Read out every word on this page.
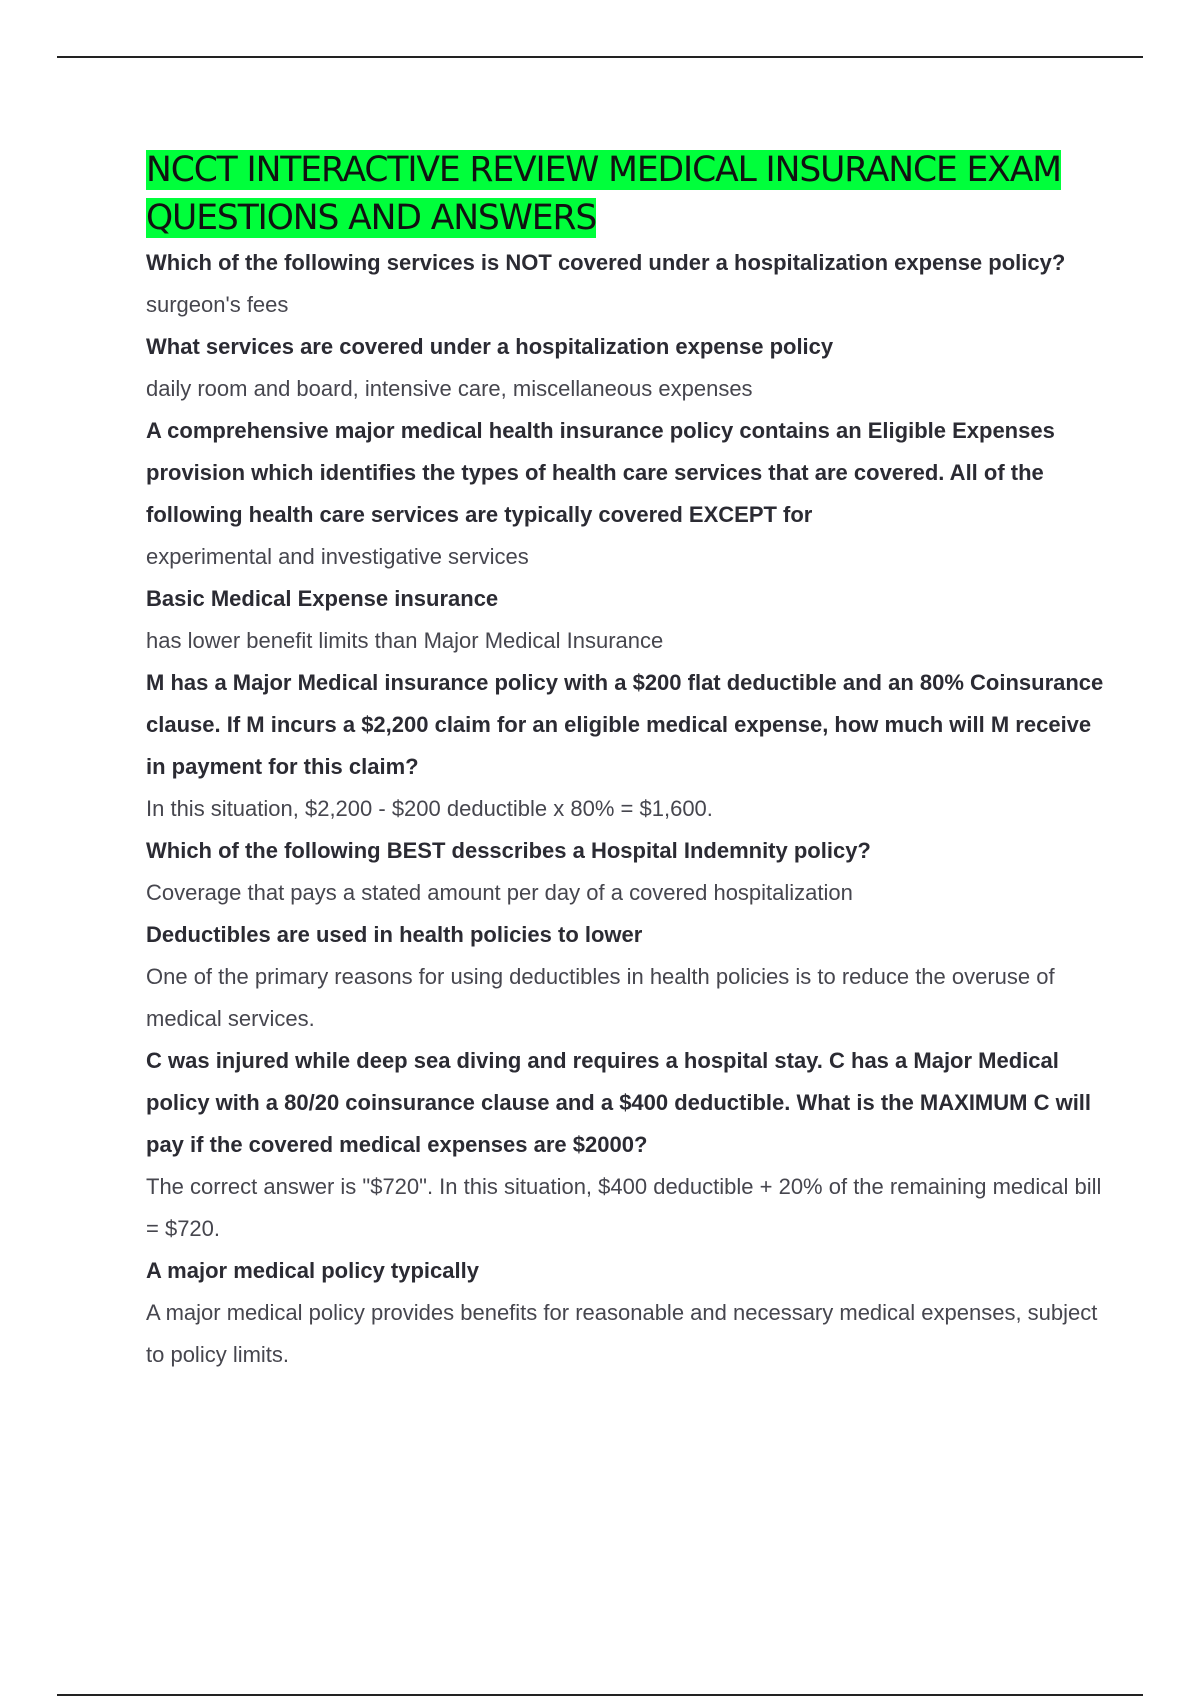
NCCT INTERACTIVE REVIEW MEDICAL INSURANCE EXAM
QUESTIONS AND ANSWERS

Which of the following services is NOT covered under a hospitalization expense policy?

surgeon's fees

What services are covered under a hospitalization expense policy

daily room and board, intensive care, miscellaneous expenses

A comprehensive major medical health insurance policy contains an Eligible Expenses provision which identifies the types of health care services that are covered. All of the following health care services are typically covered EXCEPT for

experimental and investigative services

Basic Medical Expense insurance

has lower benefit limits than Major Medical Insurance

M has a Major Medical insurance policy with a $200 flat deductible and an 80% Coinsurance clause. If M incurs a $2,200 claim for an eligible medical expense, how much will M receive in payment for this claim?

In this situation, $2,200 - $200 deductible x 80% = $1,600.

Which of the following BEST desscribes a Hospital Indemnity policy?

Coverage that pays a stated amount per day of a covered hospitalization

Deductibles are used in health policies to lower

One of the primary reasons for using deductibles in health policies is to reduce the overuse of medical services.

C was injured while deep sea diving and requires a hospital stay. C has a Major Medical policy with a 80/20 coinsurance clause and a $400 deductible. What is the MAXIMUM C will pay if the covered medical expenses are $2000?

The correct answer is "$720". In this situation, $400 deductible + 20% of the remaining medical bill = $720.

A major medical policy typically

A major medical policy provides benefits for reasonable and necessary medical expenses, subject to policy limits.
